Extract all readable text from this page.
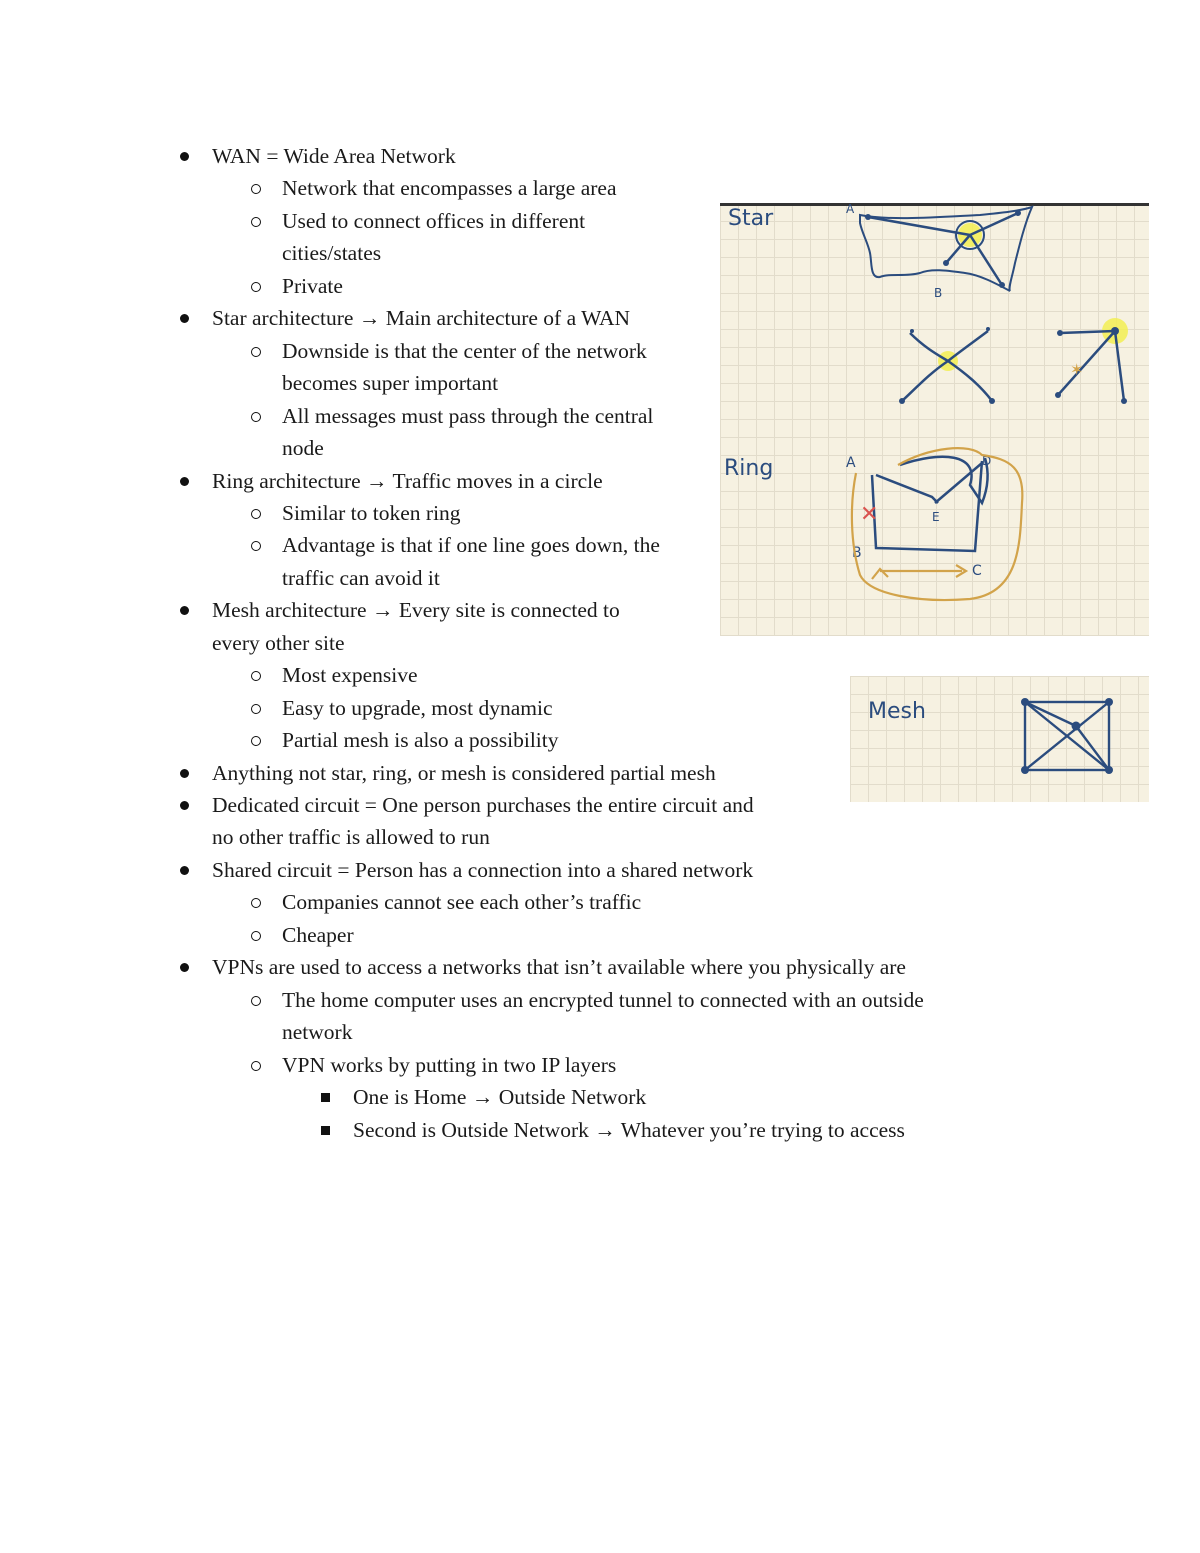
WAN = Wide Area Network
Network that encompasses a large area
Used to connect offices in different
cities/states
Private
Star architecture → Main architecture of a WAN
Downside is that the center of the network
becomes super important
All messages must pass through the central
node
Ring architecture → Traffic moves in a circle
Similar to token ring
Advantage is that if one line goes down, the
traffic can avoid it
Mesh architecture → Every site is connected to
every other site
Most expensive
Easy to upgrade, most dynamic
Partial mesh is also a possibility
Anything not star, ring, or mesh is considered partial mesh
Dedicated circuit = One person purchases the entire circuit and
no other traffic is allowed to run
Shared circuit = Person has a connection into a shared network
Companies cannot see each other’s traffic
Cheaper
VPNs are used to access a networks that isn’t available where you physically are
The home computer uses an encrypted tunnel to connected with an outside
network
VPN works by putting in two IP layers
One is Home → Outside Network
Second is Outside Network → Whatever you’re trying to access
Star	A
B
✶
Ring	A	D
E
B
C
✕
Mesh
